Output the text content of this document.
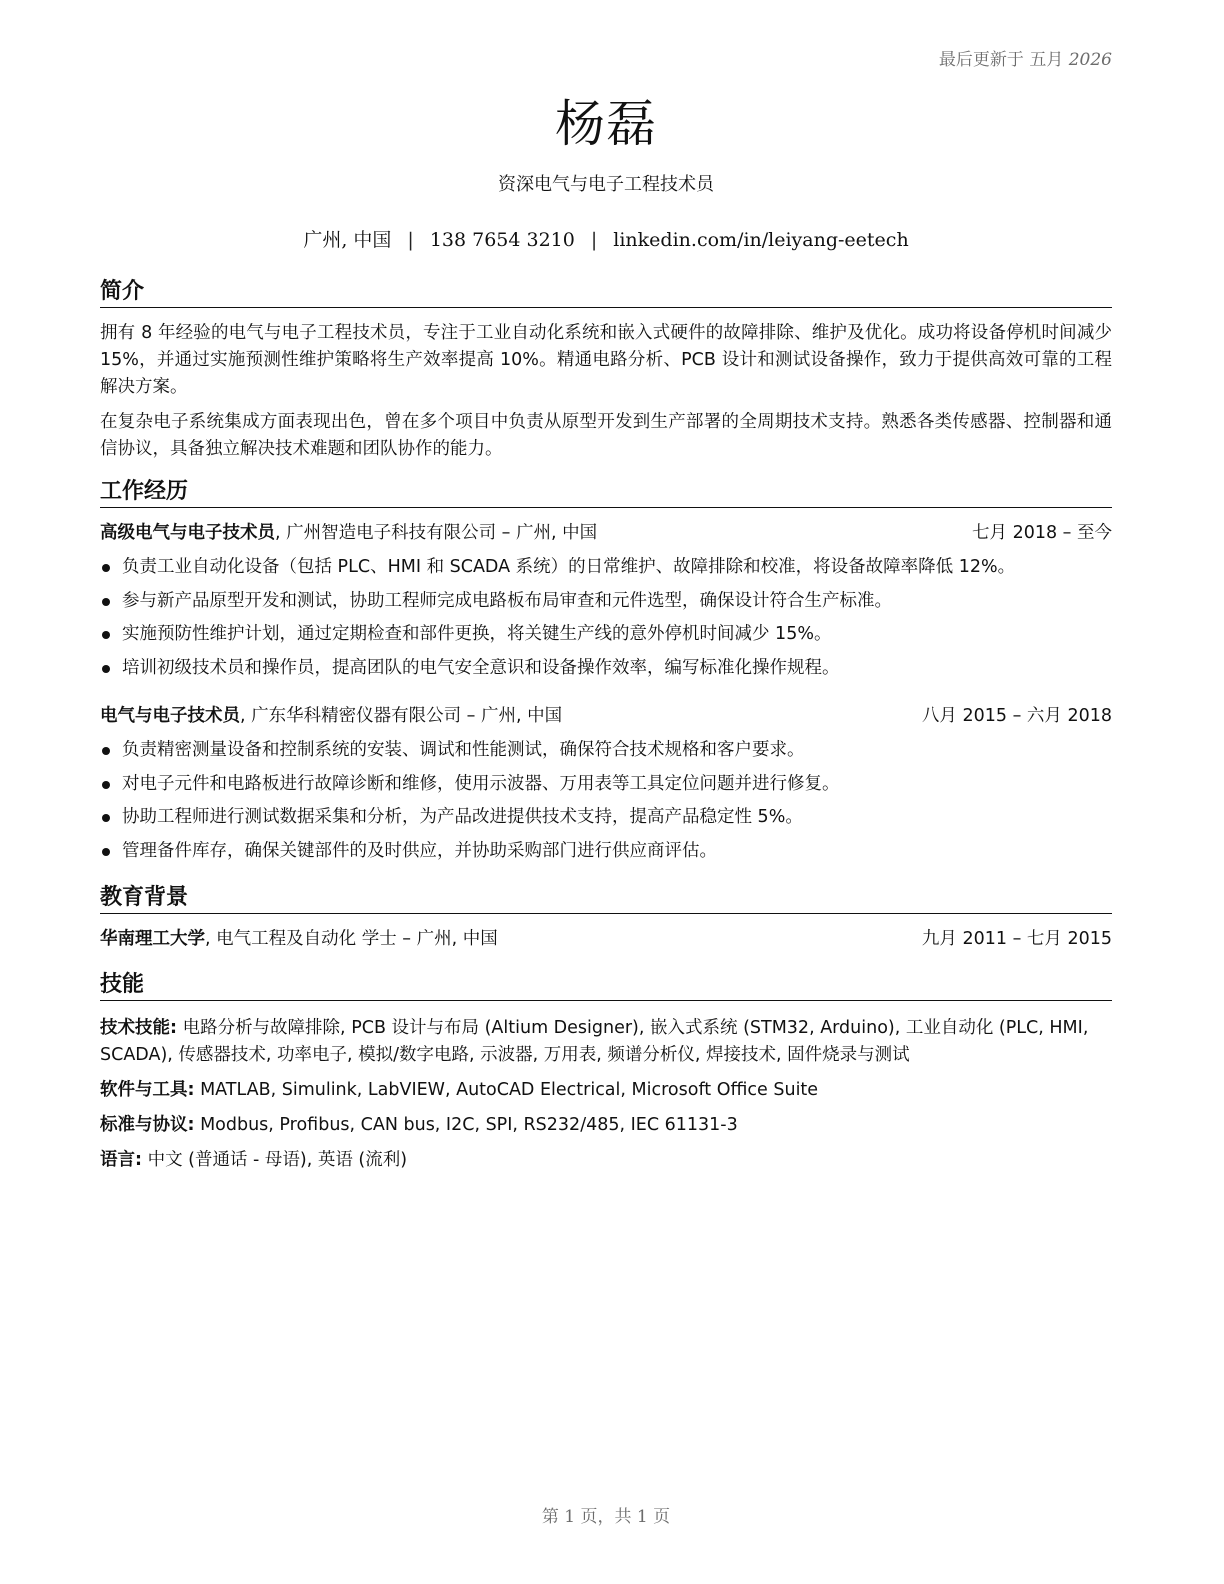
最后更新于 五月 2026
杨磊
资深电气与电子工程技术员
广州, 中国 | 138 7654 3210 | linkedin.com/in/leiyang-eetech
简介
拥有 8 年经验的电气与电子工程技术员，专注于工业自动化系统和嵌入式硬件的故障排除、维护及优化。成功将设备停机时间减少 15%，并通过实施预测性维护策略将生产效率提高 10%。精通电路分析、PCB 设计和测试设备操作，致力于提供高效可靠的工程解决方案。
在复杂电子系统集成方面表现出色，曾在多个项目中负责从原型开发到生产部署的全周期技术支持。熟悉各类传感器、控制器和通信协议，具备独立解决技术难题和团队协作的能力。
工作经历
高级电气与电子技术员, 广州智造电子科技有限公司 – 广州, 中国	七月 2018 – 至今
负责工业自动化设备（包括 PLC、HMI 和 SCADA 系统）的日常维护、故障排除和校准，将设备故障率降低 12%。
参与新产品原型开发和测试，协助工程师完成电路板布局审查和元件选型，确保设计符合生产标准。
实施预防性维护计划，通过定期检查和部件更换，将关键生产线的意外停机时间减少 15%。
培训初级技术员和操作员，提高团队的电气安全意识和设备操作效率，编写标准化操作规程。
电气与电子技术员, 广东华科精密仪器有限公司 – 广州, 中国	八月 2015 – 六月 2018
负责精密测量设备和控制系统的安装、调试和性能测试，确保符合技术规格和客户要求。
对电子元件和电路板进行故障诊断和维修，使用示波器、万用表等工具定位问题并进行修复。
协助工程师进行测试数据采集和分析，为产品改进提供技术支持，提高产品稳定性 5%。
管理备件库存，确保关键部件的及时供应，并协助采购部门进行供应商评估。
教育背景
华南理工大学, 电气工程及自动化 学士 – 广州, 中国	九月 2011 – 七月 2015
技能
技术技能: 电路分析与故障排除, PCB 设计与布局 (Altium Designer), 嵌入式系统 (STM32, Arduino), 工业自动化 (PLC, HMI, SCADA), 传感器技术, 功率电子, 模拟/数字电路, 示波器, 万用表, 频谱分析仪, 焊接技术, 固件烧录与测试
软件与工具: MATLAB, Simulink, LabVIEW, AutoCAD Electrical, Microsoft Office Suite
标准与协议: Modbus, Profibus, CAN bus, I2C, SPI, RS232/485, IEC 61131-3
语言: 中文 (普通话 - 母语), 英语 (流利)
第 1 页，共 1 页
